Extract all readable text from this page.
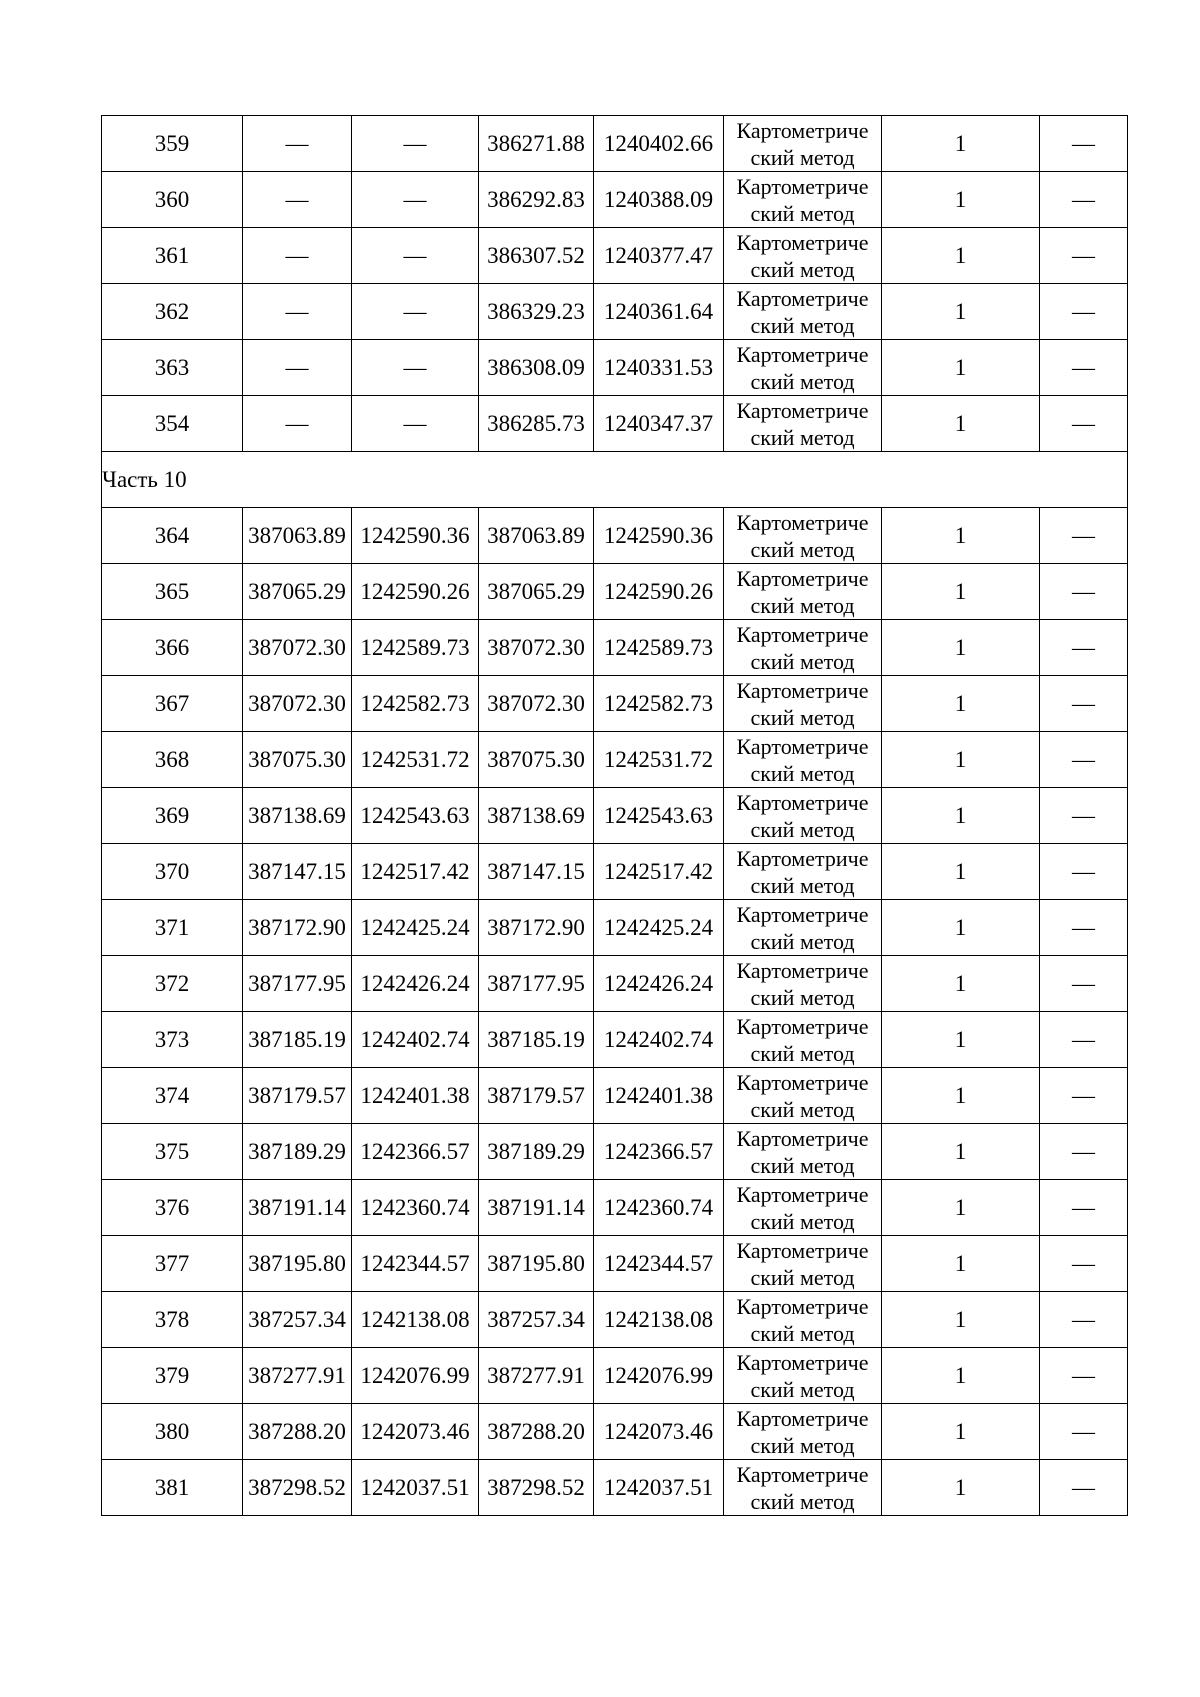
359	—	—	386271.88	1240402.66	Картометриче ский метод	1	—
360	—	—	386292.83	1240388.09	Картометриче ский метод	1	—
361	—	—	386307.52	1240377.47	Картометриче ский метод	1	—
362	—	—	386329.23	1240361.64	Картометриче ский метод	1	—
363	—	—	386308.09	1240331.53	Картометриче ский метод	1	—
354	—	—	386285.73	1240347.37	Картометриче ский метод	1	—
Часть 10							
364	387063.89	1242590.36	387063.89	1242590.36	Картометриче ский метод	1	—
365	387065.29	1242590.26	387065.29	1242590.26	Картометриче ский метод	1	—
366	387072.30	1242589.73	387072.30	1242589.73	Картометриче ский метод	1	—
367	387072.30	1242582.73	387072.30	1242582.73	Картометриче ский метод	1	—
368	387075.30	1242531.72	387075.30	1242531.72	Картометриче ский метод	1	—
369	387138.69	1242543.63	387138.69	1242543.63	Картометриче ский метод	1	—
370	387147.15	1242517.42	387147.15	1242517.42	Картометриче ский метод	1	—
371	387172.90	1242425.24	387172.90	1242425.24	Картометриче ский метод	1	—
372	387177.95	1242426.24	387177.95	1242426.24	Картометриче ский метод	1	—
373	387185.19	1242402.74	387185.19	1242402.74	Картометриче ский метод	1	—
374	387179.57	1242401.38	387179.57	1242401.38	Картометриче ский метод	1	—
375	387189.29	1242366.57	387189.29	1242366.57	Картометриче ский метод	1	—
376	387191.14	1242360.74	387191.14	1242360.74	Картометриче ский метод	1	—
377	387195.80	1242344.57	387195.80	1242344.57	Картометриче ский метод	1	—
378	387257.34	1242138.08	387257.34	1242138.08	Картометриче ский метод	1	—
379	387277.91	1242076.99	387277.91	1242076.99	Картометриче ский метод	1	—
380	387288.20	1242073.46	387288.20	1242073.46	Картометриче ский метод	1	—
381	387298.52	1242037.51	387298.52	1242037.51	Картометриче ский метод	1	—
